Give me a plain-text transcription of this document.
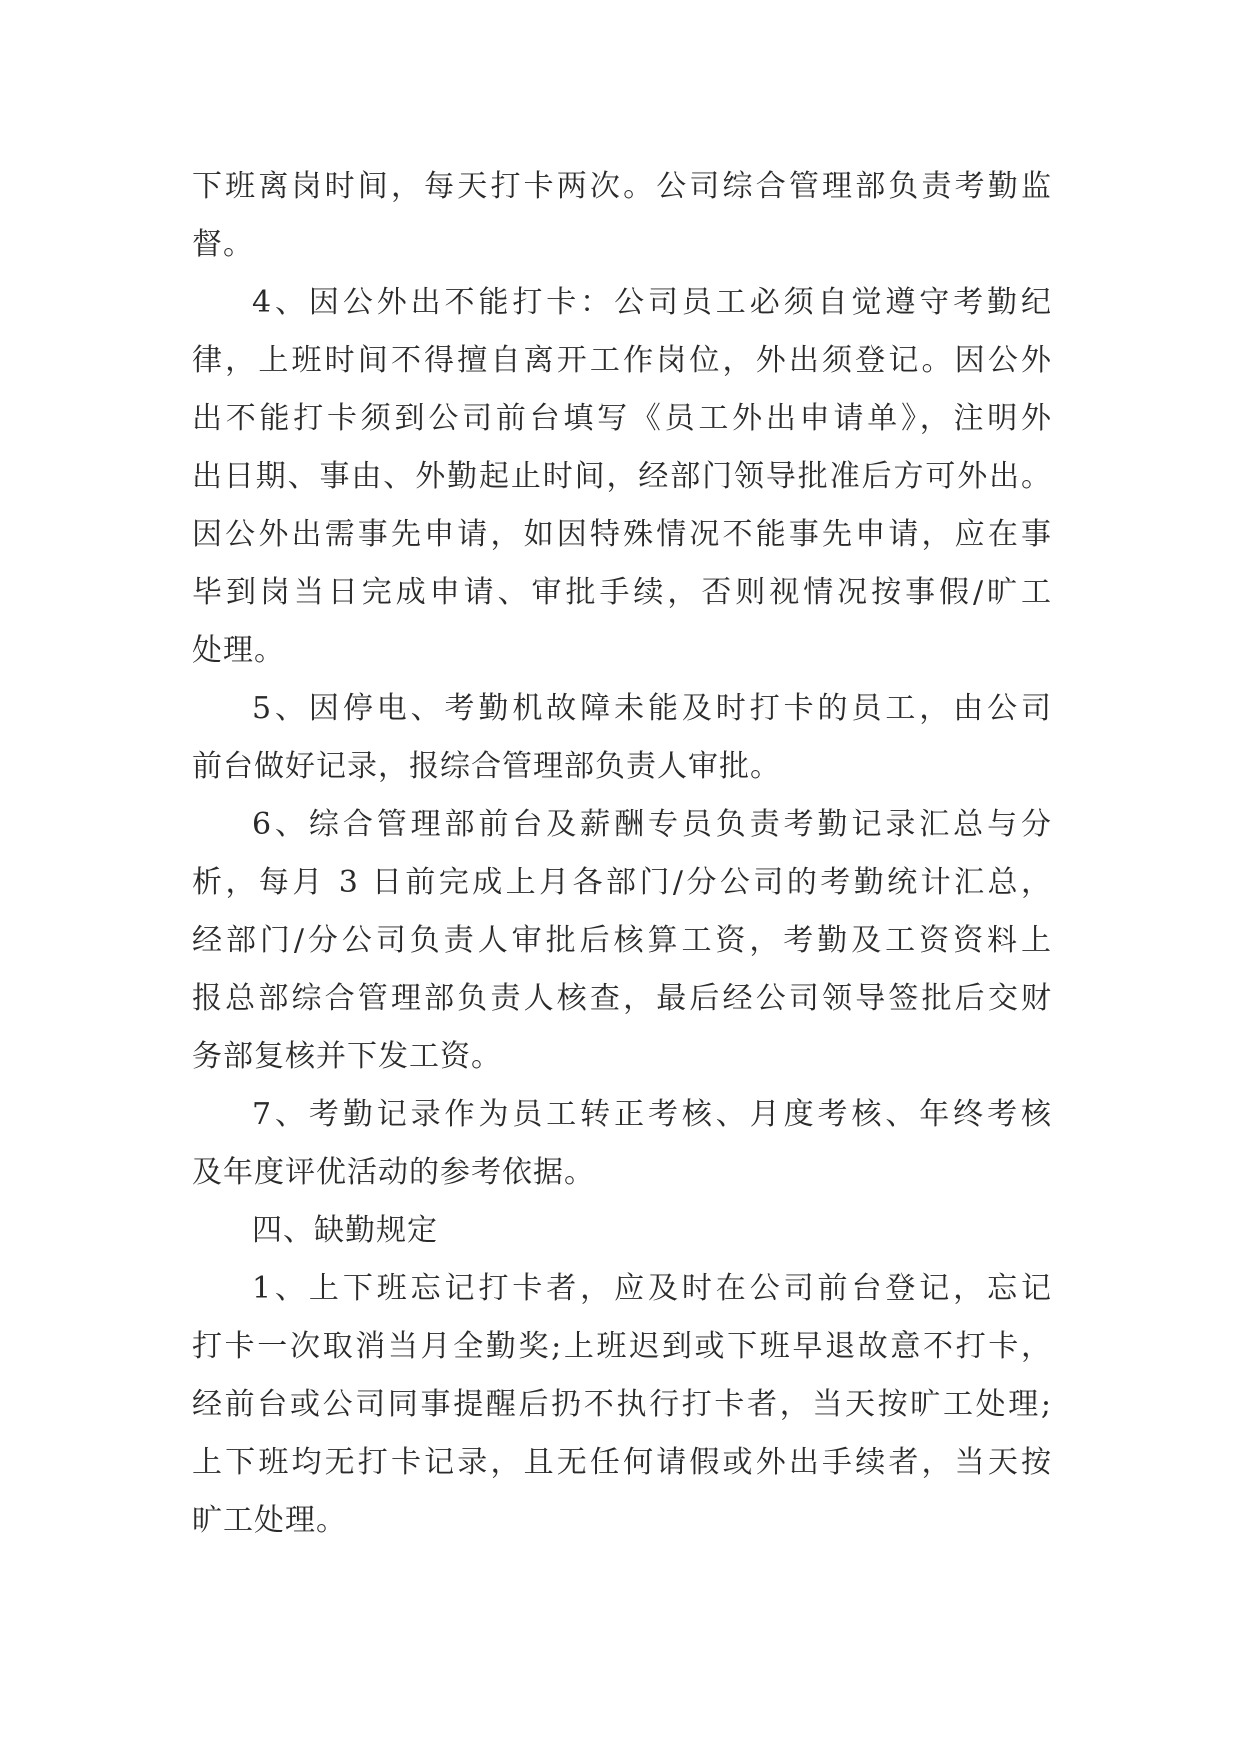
下班离岗时间，每天打卡两次。公司综合管理部负责考勤监
督。
4、因公外出不能打卡：公司员工必须自觉遵守考勤纪
律，上班时间不得擅自离开工作岗位，外出须登记。因公外
出不能打卡须到公司前台填写《员工外出申请单》，注明外
出日期、事由、外勤起止时间，经部门领导批准后方可外出。
因公外出需事先申请，如因特殊情况不能事先申请，应在事
毕到岗当日完成申请、审批手续，否则视情况按事假/旷工
处理。
5、因停电、考勤机故障未能及时打卡的员工，由公司
前台做好记录，报综合管理部负责人审批。
6、综合管理部前台及薪酬专员负责考勤记录汇总与分
析，每月 3 日前完成上月各部门/分公司的考勤统计汇总，
经部门/分公司负责人审批后核算工资，考勤及工资资料上
报总部综合管理部负责人核查，最后经公司领导签批后交财
务部复核并下发工资。
7、考勤记录作为员工转正考核、月度考核、年终考核
及年度评优活动的参考依据。
四、缺勤规定
1、上下班忘记打卡者，应及时在公司前台登记，忘记
打卡一次取消当月全勤奖;上班迟到或下班早退故意不打卡，
经前台或公司同事提醒后扔不执行打卡者，当天按旷工处理;
上下班均无打卡记录，且无任何请假或外出手续者，当天按
旷工处理。
